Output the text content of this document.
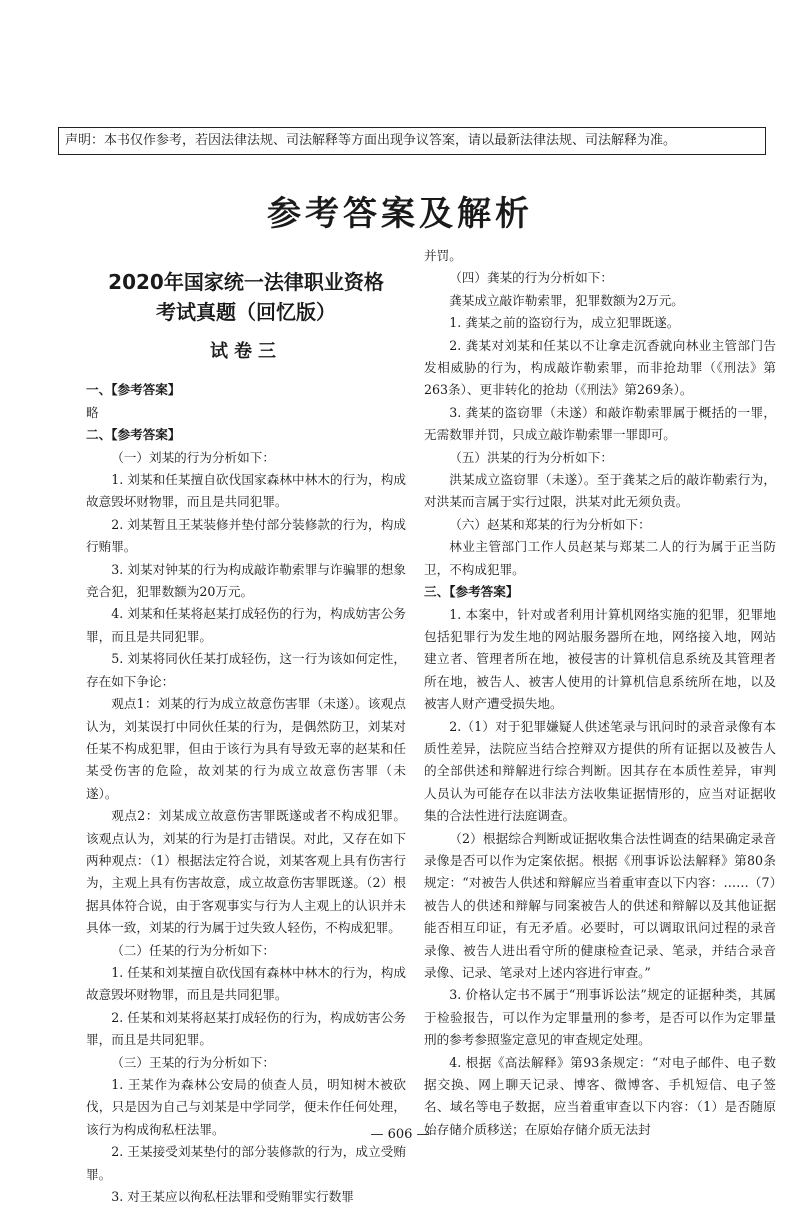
声明：本书仅作参考，若因法律法规、司法解释等方面出现争议答案，请以最新法律法规、司法解释为准。
参考答案及解析
2020年国家统一法律职业资格
考试真题（回忆版）
试卷三
一、【参考答案】
略
二、【参考答案】
（一）刘某的行为分析如下：
1. 刘某和任某擅自砍伐国家森林中林木的行为，构成故意毁坏财物罪，而且是共同犯罪。
2. 刘某暂且王某装修并垫付部分装修款的行为，构成行贿罪。
3. 刘某对钟某的行为构成敲诈勒索罪与诈骗罪的想象竞合犯，犯罪数额为20万元。
4. 刘某和任某将赵某打成轻伤的行为，构成妨害公务罪，而且是共同犯罪。
5. 刘某将同伙任某打成轻伤，这一行为该如何定性，存在如下争论：
观点1：刘某的行为成立故意伤害罪（未遂）。该观点认为，刘某误打中同伙任某的行为，是偶然防卫，刘某对任某不构成犯罪，但由于该行为具有导致无辜的赵某和任某受伤害的危险，故刘某的行为成立故意伤害罪（未遂）。
观点2：刘某成立故意伤害罪既遂或者不构成犯罪。该观点认为，刘某的行为是打击错误。对此，又存在如下两种观点：（1）根据法定符合说，刘某客观上具有伤害行为，主观上具有伤害故意，成立故意伤害罪既遂。（2）根据具体符合说，由于客观事实与行为人主观上的认识并未具体一致，刘某的行为属于过失致人轻伤，不构成犯罪。
（二）任某的行为分析如下：
1. 任某和刘某擅自砍伐国有森林中林木的行为，构成故意毁坏财物罪，而且是共同犯罪。
2. 任某和刘某将赵某打成轻伤的行为，构成妨害公务罪，而且是共同犯罪。
（三）王某的行为分析如下：
1. 王某作为森林公安局的侦查人员，明知树木被砍伐，只是因为自己与刘某是中学同学，便未作任何处理，该行为构成徇私枉法罪。
2. 王某接受刘某垫付的部分装修款的行为，成立受贿罪。
3. 对王某应以徇私枉法罪和受贿罪实行数罪
并罚。
（四）龚某的行为分析如下：
龚某成立敲诈勒索罪，犯罪数额为2万元。
1. 龚某之前的盗窃行为，成立犯罪既遂。
2. 龚某对刘某和任某以不让拿走沉香就向林业主管部门告发相威胁的行为，构成敲诈勒索罪，而非抢劫罪（《刑法》第263条）、更非转化的抢劫（《刑法》第269条）。
3. 龚某的盗窃罪（未遂）和敲诈勒索罪属于概括的一罪，无需数罪并罚，只成立敲诈勒索罪一罪即可。
（五）洪某的行为分析如下：
洪某成立盗窃罪（未遂）。至于龚某之后的敲诈勒索行为，对洪某而言属于实行过限，洪某对此无须负责。
（六）赵某和郑某的行为分析如下：
林业主管部门工作人员赵某与郑某二人的行为属于正当防卫，不构成犯罪。
三、【参考答案】
1. 本案中，针对或者利用计算机网络实施的犯罪，犯罪地包括犯罪行为发生地的网站服务器所在地，网络接入地，网站建立者、管理者所在地，被侵害的计算机信息系统及其管理者所在地，被告人、被害人使用的计算机信息系统所在地，以及被害人财产遭受损失地。
2.（1）对于犯罪嫌疑人供述笔录与讯问时的录音录像有本质性差异，法院应当结合控辩双方提供的所有证据以及被告人的全部供述和辩解进行综合判断。因其存在本质性差异，审判人员认为可能存在以非法方法收集证据情形的，应当对证据收集的合法性进行法庭调查。
（2）根据综合判断或证据收集合法性调查的结果确定录音录像是否可以作为定案依据。根据《刑事诉讼法解释》第80条规定：“对被告人供述和辩解应当着重审查以下内容：……（7）被告人的供述和辩解与同案被告人的供述和辩解以及其他证据能否相互印证，有无矛盾。必要时，可以调取讯问过程的录音录像、被告人进出看守所的健康检查记录、笔录，并结合录音录像、记录、笔录对上述内容进行审查。”
3. 价格认定书不属于“刑事诉讼法”规定的证据种类，其属于检验报告，可以作为定罪量刑的参考，是否可以作为定罪量刑的参考参照鉴定意见的审查规定处理。
4. 根据《高法解释》第93条规定：“对电子邮件、电子数据交换、网上聊天记录、博客、微博客、手机短信、电子签名、域名等电子数据，应当着重审查以下内容：（1）是否随原始存储介质移送；在原始存储介质无法封
— 606 —
